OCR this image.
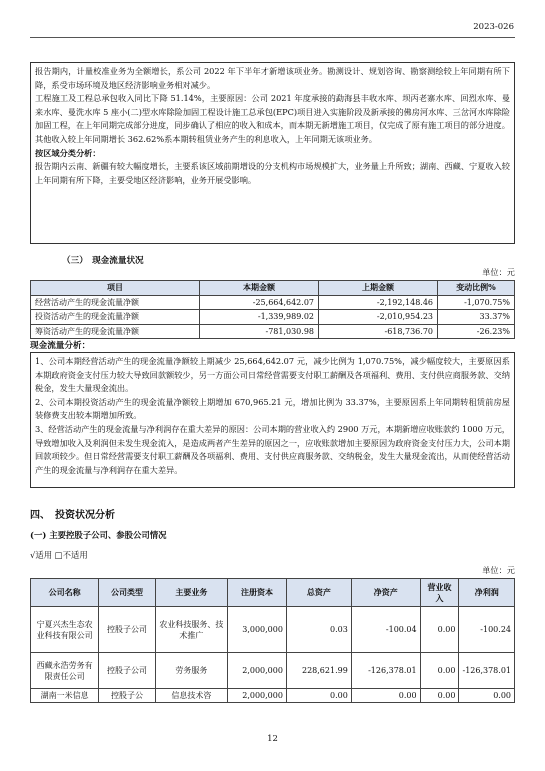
2023-026

报告期内，计量校准业务为全额增长，系公司 2022 年下半年才新增该项业务。勘测设计、规划咨询、勘察测绘较上年同期有所下降，系受市场环境及地区经济影响业务相对减少。

工程施工及工程总承包收入同比下降 51.14%，主要原因：公司 2021 年度承接的勐海县丰收水库、坝丙老寨水库、回烈水库、曼来水库、曼洗水库 5 座小(二)型水库除险加固工程设计施工总承包(EPC)项目进入实施阶段及新承接的佛房河水库、三岔河水库除险加固工程，在上年同期完成部分进度，同步确认了相应的收入和成本，而本期无新增施工项目，仅完成了原有施工项目的部分进度。

其他收入较上年同期增长 362.62%系本期转租赁业务产生的利息收入，上年同期无该项业务。

按区域分类分析：

报告期内云南、新疆有较大幅度增长，主要系该区域前期增设的分支机构市场规模扩大，业务量上升所致；湖南、西藏、宁夏收入较上年同期有所下降，主要受地区经济影响，业务开展受影响。

（三）　现金流量状况
单位：元
项目	本期金额	上期金额	变动比例%
经营活动产生的现金流量净额	-25,664,642.07	-2,192,148.46	-1,070.75%
投资活动产生的现金流量净额	-1,339,989.02	-2,010,954.23	33.37%
筹资活动产生的现金流量净额	-781,030.98	-618,736.70	-26.23%
现金流量分析：

1、公司本期经营活动产生的现金流量净额较上期减少 25,664,642.07 元，减少比例为 1,070.75%，减少幅度较大，主要原因系本期政府资金支付压力较大导致回款额较少，另一方面公司日常经营需要支付职工薪酬及各项福利、费用、支付供应商服务款、交纳税金，发生大量现金流出。

2、公司本期投资活动产生的现金流量净额较上期增加 670,965.21 元，增加比例为 33.37%，主要原因系上年同期转租赁前房屋装修费支出较本期增加所致。

3、经营活动产生的现金流量与净利润存在重大差异的原因：公司本期的营业收入约 2900 万元，本期新增应收账款约 1000 万元，导致增加收入及利润但未发生现金流入，是造成两者产生差异的原因之一，应收账款增加主要原因为政府资金支付压力大，公司本期回款项较少。但日常经营需要支付职工薪酬及各项福利、费用、支付供应商服务款、交纳税金，发生大量现金流出，从而使经营活动产生的现金流量与净利润存在重大差异。

四、　投资状况分析
(一) 主要控股子公司、参股公司情况
√适用 □不适用
单位：元
公司名称	公司类型	主要业务	注册资本	总资产	净资产	营业收入	净利润
宁夏兴杰生态农业科技有限公司	控股子公司	农业科技服务、技术推广	3,000,000	0.03	-100.04	0.00	-100.24
西藏永浩劳务有限责任公司	控股子公司	劳务服务	2,000,000	228,621.99	-126,378.01	0.00	-126,378.01
湖南一米信息	控股子公	信息技术咨	2,000,000	0.00	0.00	0.00	0.00
12
